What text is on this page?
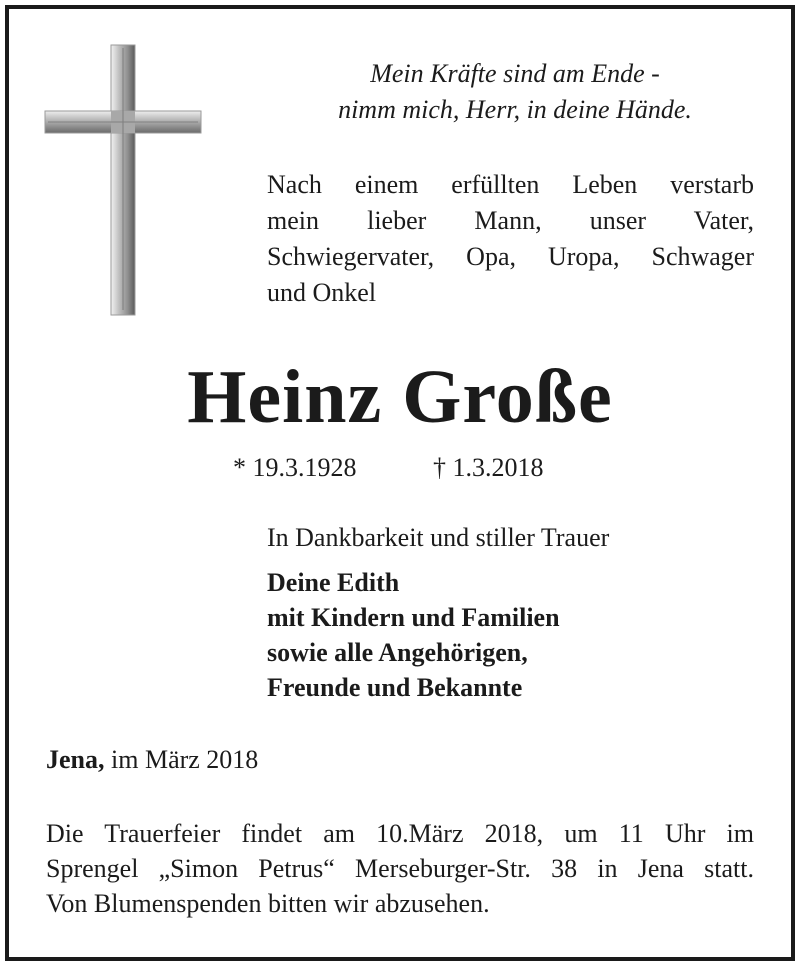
Mein Kräfte sind am Ende -
nimm mich, Herr, in deine Hände.
Nach einem erfüllten Leben verstarb
mein lieber Mann, unser Vater,
Schwiegervater, Opa, Uropa, Schwager
und Onkel
Heinz Große
* 19.3.1928	† 1.3.2018
In Dankbarkeit und stiller Trauer
Deine Edith
mit Kindern und Familien
sowie alle Angehörigen,
Freunde und Bekannte
Jena, im März 2018
Die Trauerfeier findet am 10.März 2018, um 11 Uhr im
Sprengel „Simon Petrus“ Merseburger-Str. 38 in Jena statt.
Von Blumenspenden bitten wir abzusehen.
